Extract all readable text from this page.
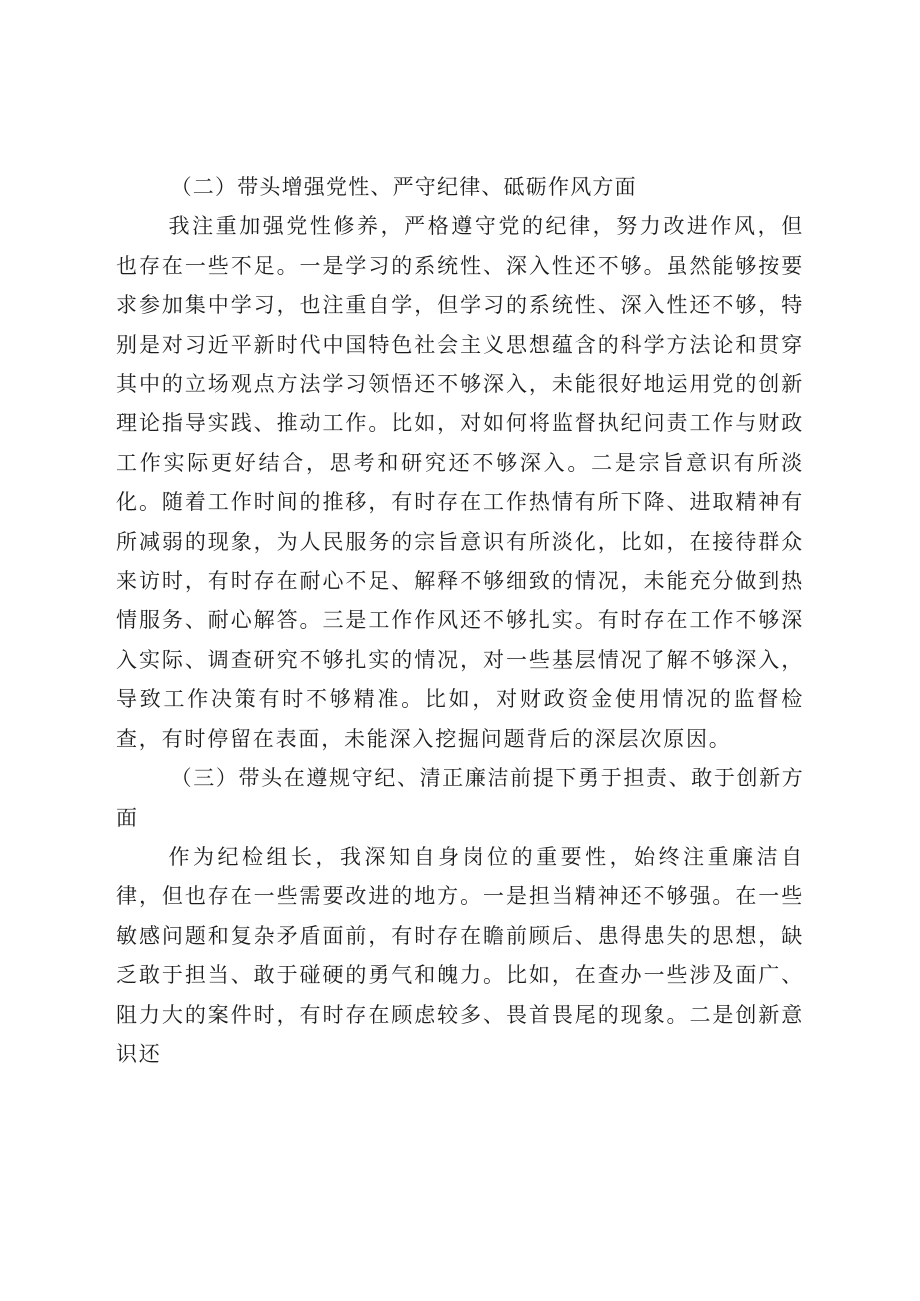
（二）带头增强党性、严守纪律、砥砺作风方面

我注重加强党性修养，严格遵守党的纪律，努力改进作风，但也存在一些不足。一是学习的系统性、深入性还不够。虽然能够按要求参加集中学习，也注重自学，但学习的系统性、深入性还不够，特别是对习近平新时代中国特色社会主义思想蕴含的科学方法论和贯穿其中的立场观点方法学习领悟还不够深入，未能很好地运用党的创新理论指导实践、推动工作。比如，对如何将监督执纪问责工作与财政工作实际更好结合，思考和研究还不够深入。二是宗旨意识有所淡化。随着工作时间的推移，有时存在工作热情有所下降、进取精神有所减弱的现象，为人民服务的宗旨意识有所淡化，比如，在接待群众来访时，有时存在耐心不足、解释不够细致的情况，未能充分做到热情服务、耐心解答。三是工作作风还不够扎实。有时存在工作不够深入实际、调查研究不够扎实的情况，对一些基层情况了解不够深入，导致工作决策有时不够精准。比如，对财政资金使用情况的监督检查，有时停留在表面，未能深入挖掘问题背后的深层次原因。

（三）带头在遵规守纪、清正廉洁前提下勇于担责、敢于创新方面

作为纪检组长，我深知自身岗位的重要性，始终注重廉洁自律，但也存在一些需要改进的地方。一是担当精神还不够强。在一些敏感问题和复杂矛盾面前，有时存在瞻前顾后、患得患失的思想，缺乏敢于担当、敢于碰硬的勇气和魄力。比如，在查办一些涉及面广、阻力大的案件时，有时存在顾虑较多、畏首畏尾的现象。二是创新意识还
